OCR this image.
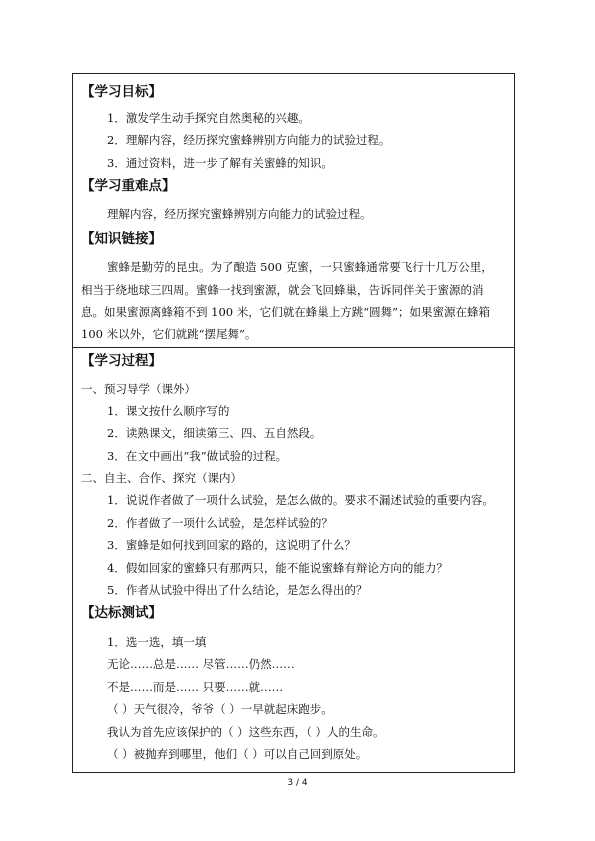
【学习目标】
1．激发学生动手探究自然奥秘的兴趣。
2．理解内容，经历探究蜜蜂辨别方向能力的试验过程。
3．通过资料，进一步了解有关蜜蜂的知识。
【学习重难点】
理解内容，经历探究蜜蜂辨别方向能力的试验过程。
【知识链接】
蜜蜂是勤劳的昆虫。为了酿造 500 克蜜，一只蜜蜂通常要飞行十几万公里，
相当于绕地球三四周。蜜蜂一找到蜜源，就会飞回蜂巢，告诉同伴关于蜜源的消
息。如果蜜源离蜂箱不到 100 米，它们就在蜂巢上方跳“圆舞”；如果蜜源在蜂箱
100 米以外，它们就跳“摆尾舞”。
【学习过程】
一、预习导学（课外）
1．课文按什么顺序写的
2．读熟课文，细读第三、四、五自然段。
3．在文中画出“我”做试验的过程。
二、自主、合作、探究（课内）
1．说说作者做了一项什么试验，是怎么做的。要求不漏述试验的重要内容。
2．作者做了一项什么试验，是怎样试验的？
3．蜜蜂是如何找到回家的路的，这说明了什么？
4．假如回家的蜜蜂只有那两只，能不能说蜜蜂有辩论方向的能力？
5．作者从试验中得出了什么结论，是怎么得出的？
【达标测试】
1．选一选，填一填
无论……总是…… 尽管……仍然……
不是……而是…… 只要……就……
（ ）天气很冷，爷爷（ ）一早就起床跑步。
我认为首先应该保护的（ ）这些东西，（ ）人的生命。
（ ）被抛弃到哪里，他们（ ）可以自己回到原处。
3 / 4
